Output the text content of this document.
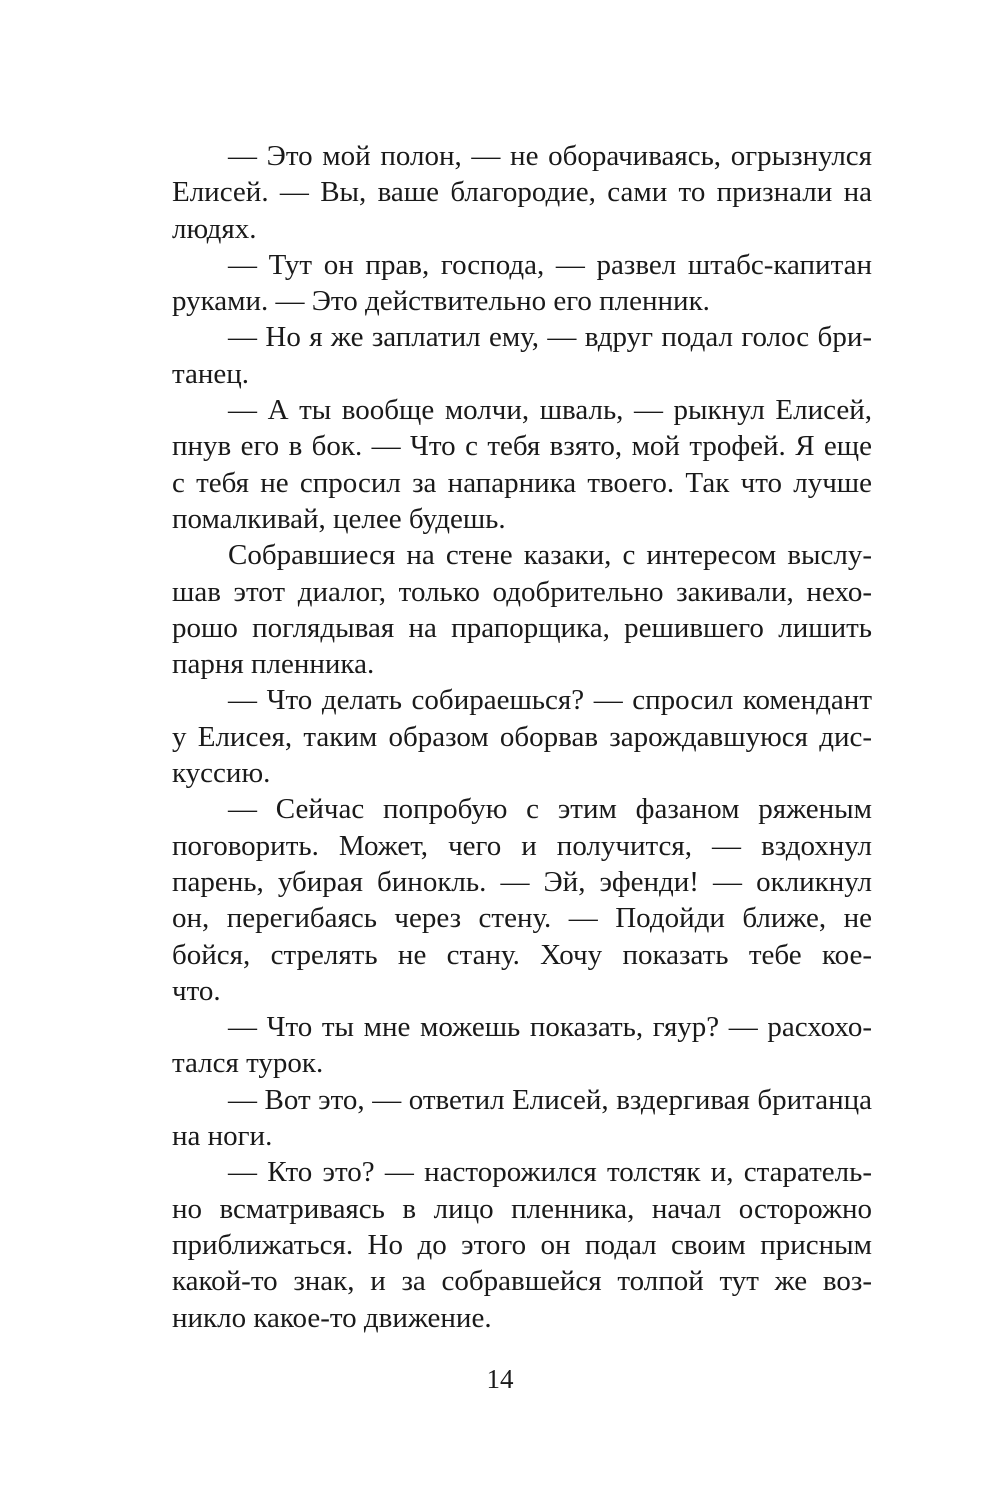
— Это мой полон, — не оборачиваясь, огрызнулся
Елисей. — Вы, ваше благородие, сами то признали на
людях.
— Тут он прав, господа, — развел штабс-капитан
руками. — Это действительно его пленник.
— Но я же заплатил ему, — вдруг подал голос бри-
танец.
— А ты вообще молчи, шваль, — рыкнул Елисей,
пнув его в бок. — Что с тебя взято, мой трофей. Я еще
с тебя не спросил за напарника твоего. Так что лучше
помалкивай, целее будешь.
Собравшиеся на стене казаки, с интересом выслу-
шав этот диалог, только одобрительно закивали, нехо-
рошо поглядывая на прапорщика, решившего лишить
парня пленника.
— Что делать собираешься? — спросил комендант
у Елисея, таким образом оборвав зарождавшуюся дис-
куссию.
— Сейчас попробую с этим фазаном ряженым
поговорить. Может, чего и получится, — вздохнул
парень, убирая бинокль. — Эй, эфенди! — окликнул
он, перегибаясь через стену. — Подойди ближе, не
бойся, стрелять не стану. Хочу показать тебе кое-
что.
— Что ты мне можешь показать, гяур? — расхохо-
тался турок.
— Вот это, — ответил Елисей, вздергивая британца
на ноги.
— Кто это? — насторожился толстяк и, старатель-
но всматриваясь в лицо пленника, начал осторожно
приближаться. Но до этого он подал своим присным
какой-то знак, и за собравшейся толпой тут же воз-
никло какое-то движение.
14
